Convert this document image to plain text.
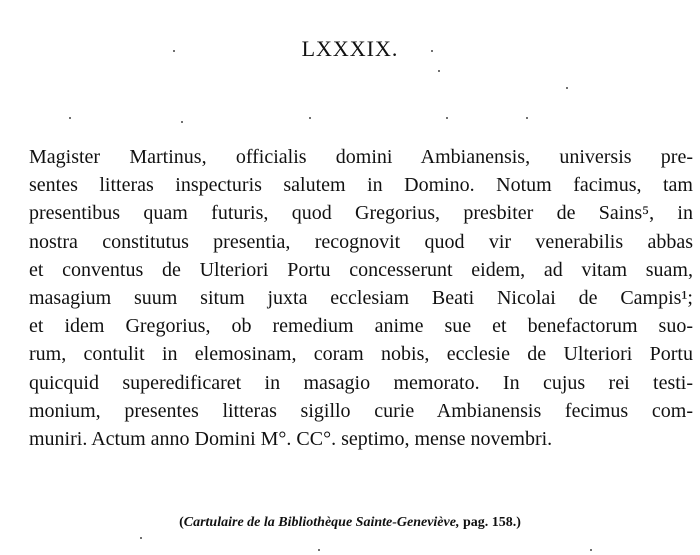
LXXXIX.
Magister Martinus, officialis domini Ambianensis, universis pre-
sentes litteras inspecturis salutem in Domino. Notum facimus, tam
presentibus quam futuris, quod Gregorius, presbiter de Sains⁵, in
nostra constitutus presentia, recognovit quod vir venerabilis abbas
et conventus de Ulteriori Portu concesserunt eidem, ad vitam suam,
masagium suum situm juxta ecclesiam Beati Nicolai de Campis¹;
et idem Gregorius, ob remedium anime sue et benefactorum suo-
rum, contulit in elemosinam, coram nobis, ecclesie de Ulteriori Portu
quicquid superedificaret in masagio memorato. In cujus rei testi-
monium, presentes litteras sigillo curie Ambianensis fecimus com-
muniri. Actum anno Domini M°. CC°. septimo, mense novembri.
(Cartulaire de la Bibliothèque Sainte-Geneviève, pag. 158.)
